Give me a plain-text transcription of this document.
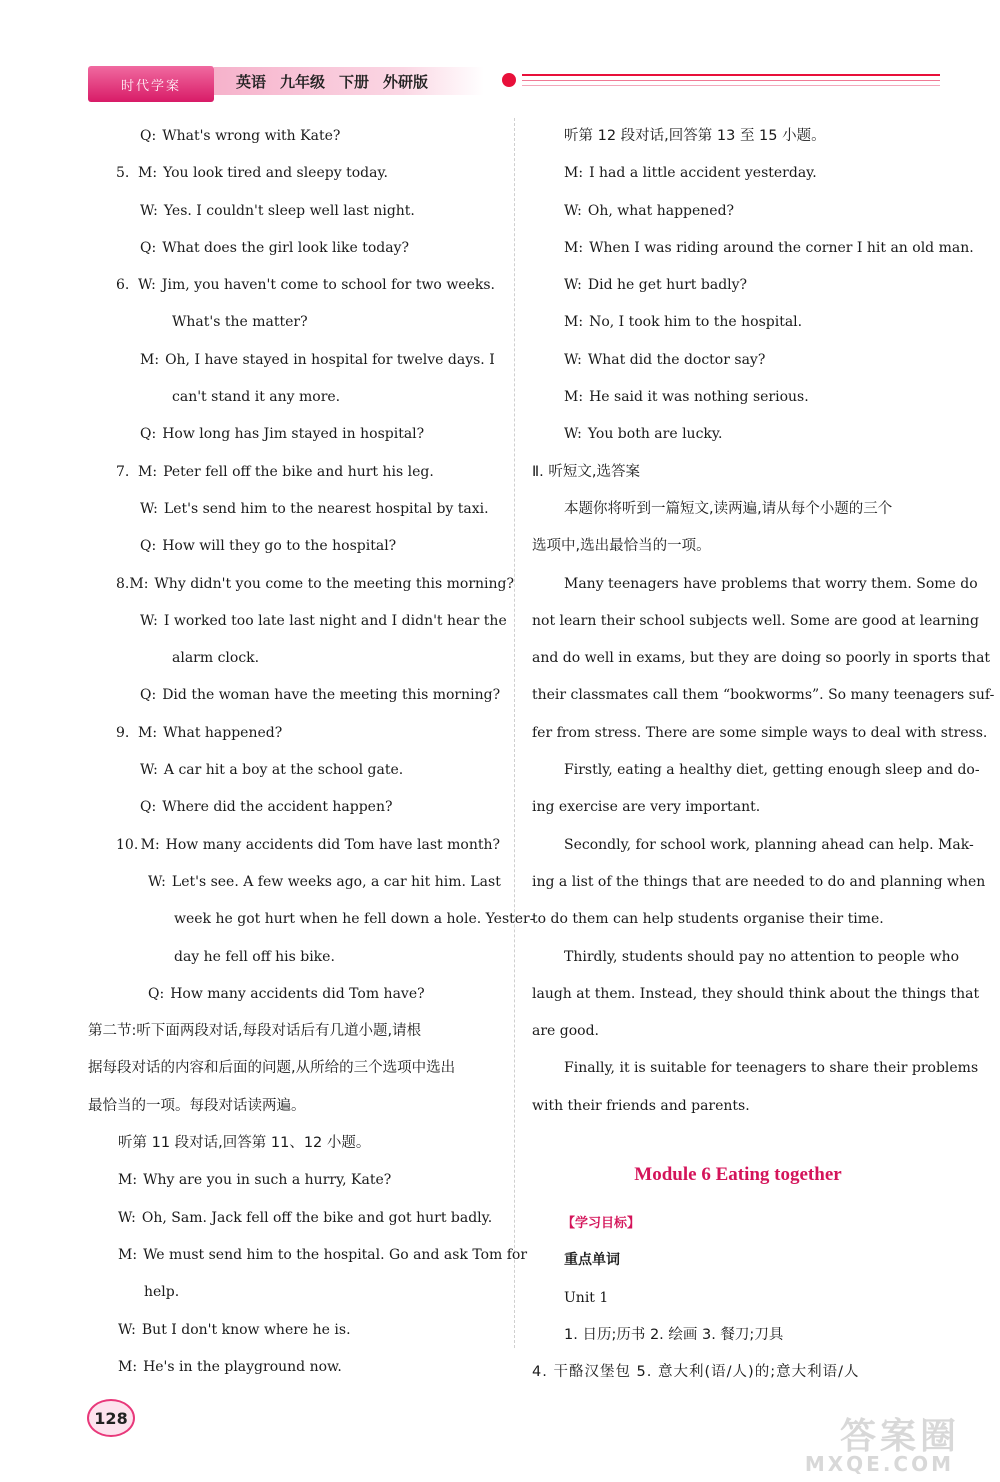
时代学案	英语 九年级 下册 外研版
Q: What's wrong with Kate?
5. M: You look tired and sleepy today.
W: Yes. I couldn't sleep well last night.
Q: What does the girl look like today?
6. W: Jim, you haven't come to school for two weeks.
What's the matter?
M: Oh, I have stayed in hospital for twelve days. I
can't stand it any more.
Q: How long has Jim stayed in hospital?
7. M: Peter fell off the bike and hurt his leg.
W: Let's send him to the nearest hospital by taxi.
Q: How will they go to the hospital?
8. M: Why didn't you come to the meeting this morning?
W: I worked too late last night and I didn't hear the
alarm clock.
Q: Did the woman have the meeting this morning?
9. M: What happened?
W: A car hit a boy at the school gate.
Q: Where did the accident happen?
10. M: How many accidents did Tom have last month?
W: Let's see. A few weeks ago, a car hit him. Last
week he got hurt when he fell down a hole. Yester-
day he fell off his bike.
Q: How many accidents did Tom have?
第二节:听下面两段对话,每段对话后有几道小题,请根
据每段对话的内容和后面的问题,从所给的三个选项中选出
最恰当的一项。每段对话读两遍。
听第 11 段对话,回答第 11、12 小题。
M: Why are you in such a hurry, Kate?
W: Oh, Sam. Jack fell off the bike and got hurt badly.
M: We must send him to the hospital. Go and ask Tom for
help.
W: But I don't know where he is.
M: He's in the playground now.
听第 12 段对话,回答第 13 至 15 小题。
M: I had a little accident yesterday.
W: Oh, what happened?
M: When I was riding around the corner I hit an old man.
W: Did he get hurt badly?
M: No, I took him to the hospital.
W: What did the doctor say?
M: He said it was nothing serious.
W: You both are lucky.
Ⅱ. 听短文,选答案
本题你将听到一篇短文,读两遍,请从每个小题的三个
选项中,选出最恰当的一项。
Many teenagers have problems that worry them. Some do
not learn their school subjects well. Some are good at learning
and do well in exams, but they are doing so poorly in sports that
their classmates call them “bookworms”. So many teenagers suf-
fer from stress. There are some simple ways to deal with stress.
Firstly, eating a healthy diet, getting enough sleep and do-
ing exercise are very important.
Secondly, for school work, planning ahead can help. Mak-
ing a list of the things that are needed to do and planning when
to do them can help students organise their time.
Thirdly, students should pay no attention to people who
laugh at them. Instead, they should think about the things that
are good.
Finally, it is suitable for teenagers to share their problems
with their friends and parents.
Module 6 Eating together
【学习目标】
重点单词
Unit 1
1. 日历;历书 2. 绘画 3. 餐刀;刀具
4. 干酪汉堡包 5. 意大利(语/人)的;意大利语/人
128	答案圈
MXQE.COM
